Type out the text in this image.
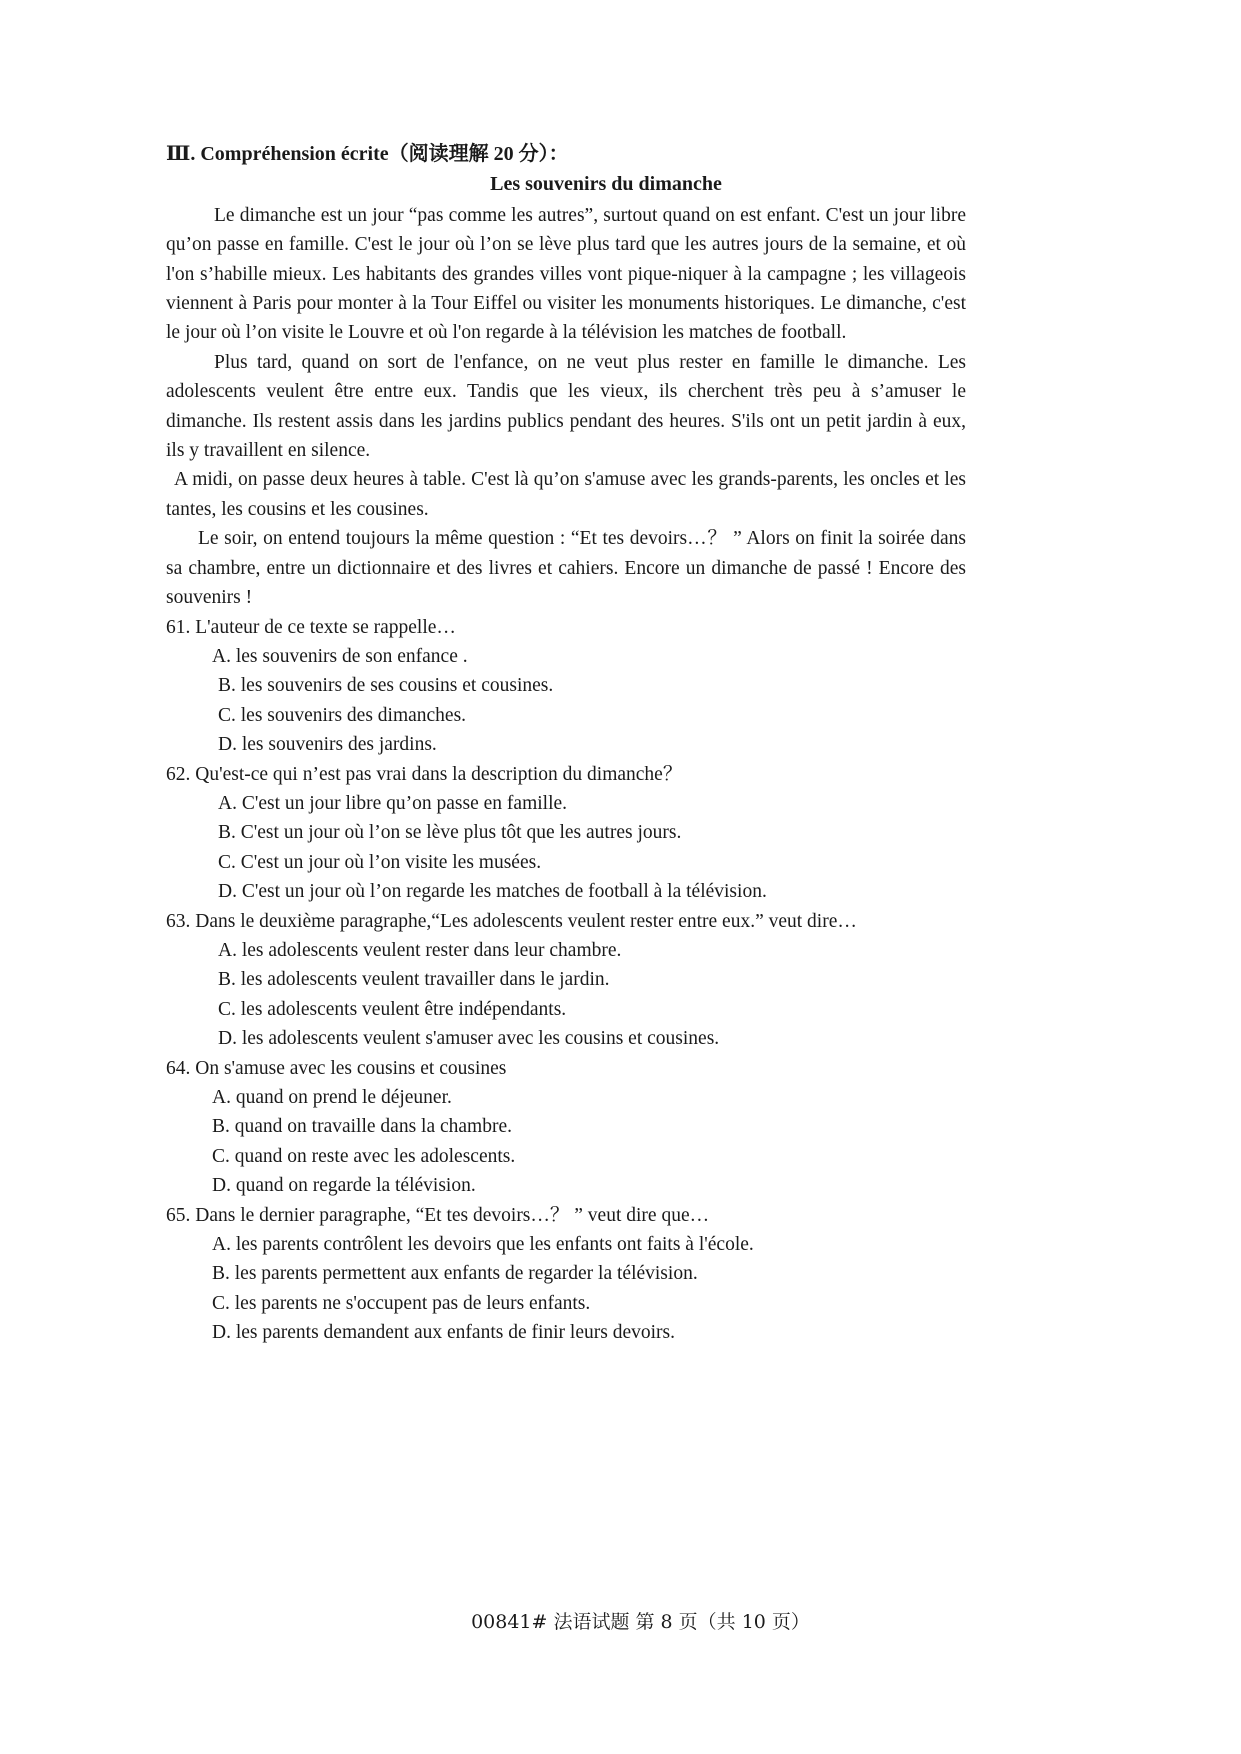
Ⅲ. Compréhension écrite（阅读理解 20 分）：
Les souvenirs du dimanche

Le dimanche est un jour “pas comme les autres”, surtout quand on est enfant. C'est un jour libre qu’on passe en famille. C'est le jour où l’on se lève plus tard que les autres jours de la semaine, et où l'on s’habille mieux. Les habitants des grandes villes vont pique-niquer à la campagne ; les villageois viennent à Paris pour monter à la Tour Eiffel ou visiter les monuments historiques. Le dimanche, c'est le jour où l’on visite le Louvre et où l'on regarde à la télévision les matches de football.

Plus tard, quand on sort de l'enfance, on ne veut plus rester en famille le dimanche. Les adolescents veulent être entre eux. Tandis que les vieux, ils cherchent très peu à s’amuser le dimanche. Ils restent assis dans les jardins publics pendant des heures. S'ils ont un petit jardin à eux, ils y travaillent en silence.

A midi, on passe deux heures à table. C'est là qu’on s'amuse avec les grands-parents, les oncles et les tantes, les cousins et les cousines.

Le soir, on entend toujours la même question : “Et tes devoirs…？ ” Alors on finit la soirée dans sa chambre, entre un dictionnaire et des livres et cahiers. Encore un dimanche de passé ! Encore des souvenirs !

61. L'auteur de ce texte se rappelle…
A. les souvenirs de son enfance .
B. les souvenirs de ses cousins et cousines.
C. les souvenirs des dimanches.
D. les souvenirs des jardins.
62. Qu'est-ce qui n’est pas vrai dans la description du dimanche？
A. C'est un jour libre qu’on passe en famille.
B. C'est un jour où l’on se lève plus tôt que les autres jours.
C. C'est un jour où l’on visite les musées.
D. C'est un jour où l’on regarde les matches de football à la télévision.
63. Dans le deuxième paragraphe,“Les adolescents veulent rester entre eux.” veut dire…
A. les adolescents veulent rester dans leur chambre.
B. les adolescents veulent travailler dans le jardin.
C. les adolescents veulent être indépendants.
D. les adolescents veulent s'amuser avec les cousins et cousines.
64. On s'amuse avec les cousins et cousines
A. quand on prend le déjeuner.
B. quand on travaille dans la chambre.
C. quand on reste avec les adolescents.
D. quand on regarde la télévision.
65. Dans le dernier paragraphe, “Et tes devoirs…？ ” veut dire que…
A. les parents contrôlent les devoirs que les enfants ont faits à l'école.
B. les parents permettent aux enfants de regarder la télévision.
C. les parents ne s'occupent pas de leurs enfants.
D. les parents demandent aux enfants de finir leurs devoirs.
00841# 法语试题 第 8 页（共 10 页）
